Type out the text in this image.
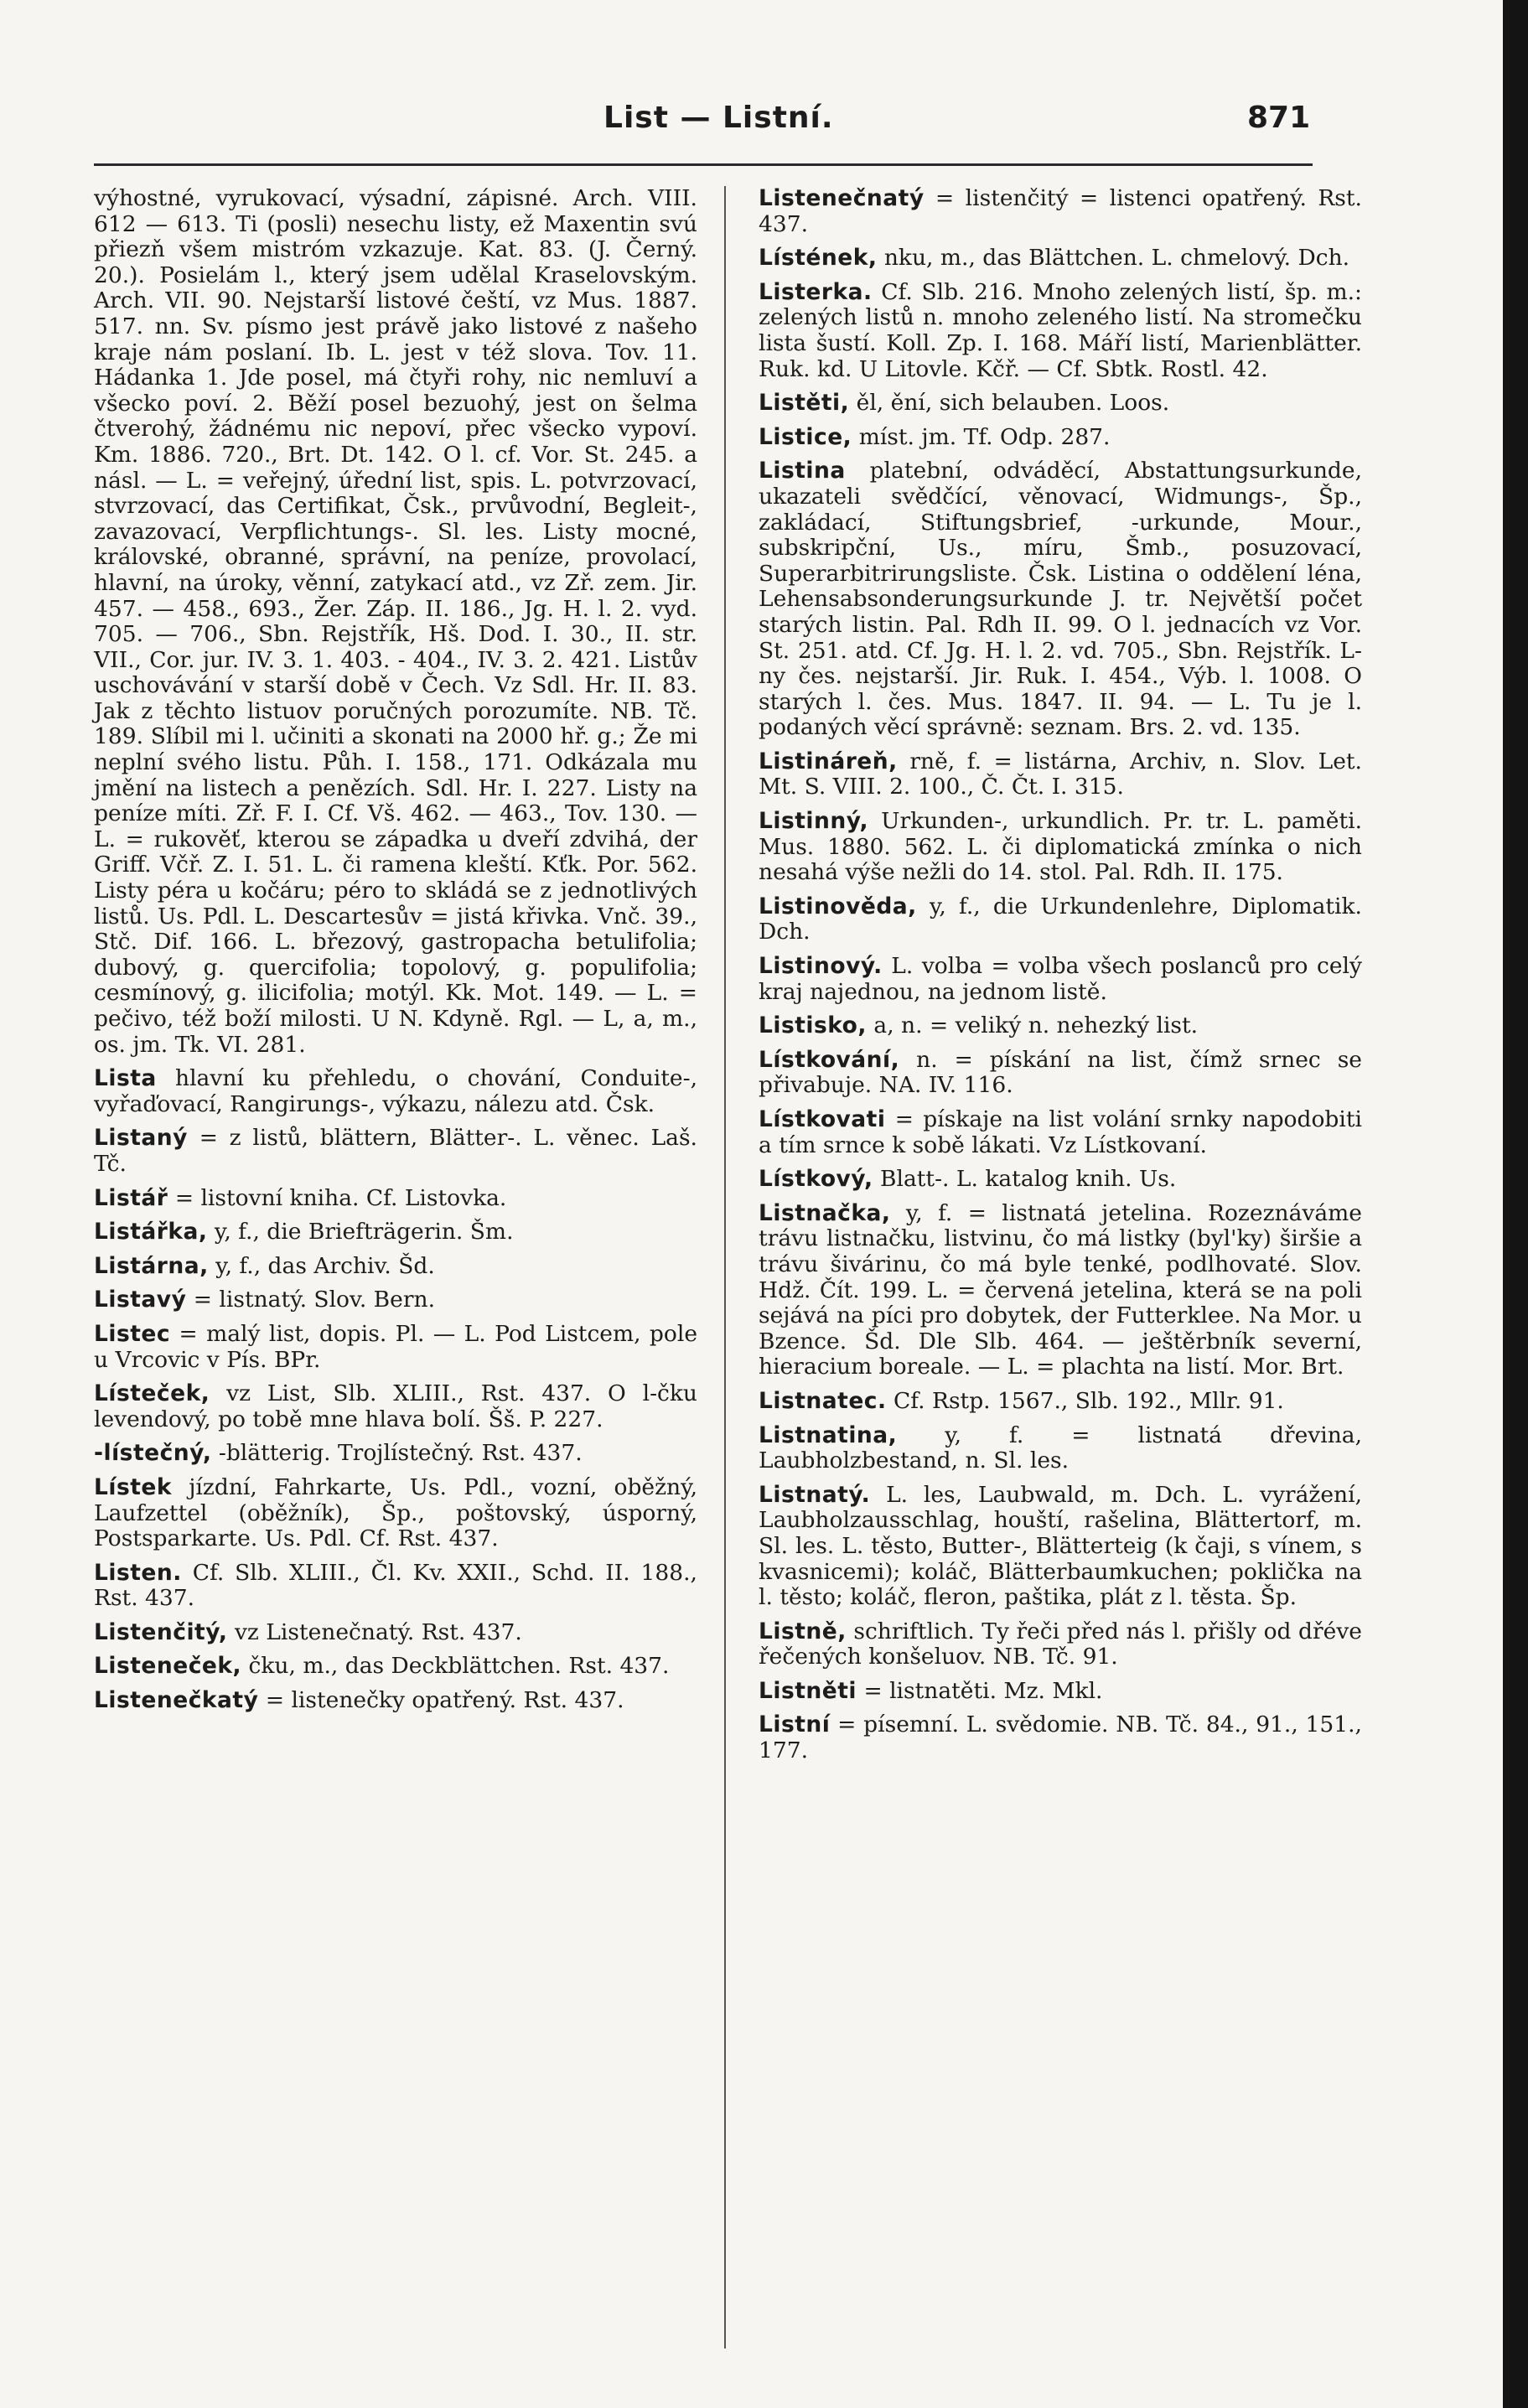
List — Listní.	871

výhostné, vyrukovací, výsadní, zápisné. Arch. VIII. 612 — 613. Ti (posli) nesechu listy, ež Maxentin svú přiezň všem mistróm vzkazuje. Kat. 83. (J. Černý. 20.). Posielám l., který jsem udělal Kraselovským. Arch. VII. 90. Nejstarší listové čeští, vz Mus. 1887. 517. nn. Sv. písmo jest právě jako listové z našeho kraje nám poslaní. Ib. L. jest v též slova. Tov. 11. Hádanka 1. Jde posel, má čtyři rohy, nic nemluví a všecko poví. 2. Běží posel bezuohý, jest on šelma čtverohý, žádnému nic nepoví, přec všecko vypoví. Km. 1886. 720., Brt. Dt. 142. O l. cf. Vor. St. 245. a násl. — L. = veřejný, úřední list, spis. L. potvrzovací, stvrzovací, das Certifikat, Čsk., prvůvodní, Begleit-, zavazovací, Verpflichtungs-. Sl. les. Listy mocné, královské, obranné, správní, na peníze, provolací, hlavní, na úroky, věnní, zatykací atd., vz Zř. zem. Jir. 457. — 458., 693., Žer. Záp. II. 186., Jg. H. l. 2. vyd. 705. — 706., Sbn. Rejstřík, Hš. Dod. I. 30., II. str. VII., Cor. jur. IV. 3. 1. 403. - 404., IV. 3. 2. 421. Listův uschovávání v starší době v Čech. Vz Sdl. Hr. II. 83. Jak z těchto listuov poručných porozumíte. NB. Tč. 189. Slíbil mi l. učiniti a skonati na 2000 hř. g.; Že mi neplní svého listu. Půh. I. 158., 171. Odkázala mu jmění na listech a penězích. Sdl. Hr. I. 227. Listy na peníze míti. Zř. F. I. Cf. Vš. 462. — 463., Tov. 130. — L. = rukověť, kterou se západka u dveří zdvihá, der Griff. Včř. Z. I. 51. L. či ramena kleští. Kťk. Por. 562. Listy péra u kočáru; péro to skládá se z jednotlivých listů. Us. Pdl. L. Descartesův = jistá křivka. Vnč. 39., Stč. Dif. 166. L. březový, gastropacha betulifolia; dubový, g. quercifolia; topolový, g. populifolia; cesmínový, g. ilicifolia; motýl. Kk. Mot. 149. — L. = pečivo, též boží milosti. U N. Kdyně. Rgl. — L, a, m., os. jm. Tk. VI. 281.

Lista hlavní ku přehledu, o chování, Conduite-, vyřaďovací, Rangirungs-, výkazu, nálezu atd. Čsk.

Listaný = z listů, blättern, Blätter-. L. věnec. Laš. Tč.

Listář = listovní kniha. Cf. Listovka.

Listářka, y, f., die Briefträgerin. Šm.

Listárna, y, f., das Archiv. Šd.

Listavý = listnatý. Slov. Bern.

Listec = malý list, dopis. Pl. — L. Pod Listcem, pole u Vrcovic v Pís. BPr.

Lísteček, vz List, Slb. XLIII., Rst. 437. O l-čku levendový, po tobě mne hlava bolí. Šš. P. 227.

-lístečný, -blätterig. Trojlístečný. Rst. 437.

Lístek jízdní, Fahrkarte, Us. Pdl., vozní, oběžný, Laufzettel (oběžník), Šp., poštovský, úsporný, Postsparkarte. Us. Pdl. Cf. Rst. 437.

Listen. Cf. Slb. XLIII., Čl. Kv. XXII., Schd. II. 188., Rst. 437.

Listenčitý, vz Listenečnatý. Rst. 437.

Listeneček, čku, m., das Deckblättchen. Rst. 437.

Listenečkatý = listenečky opatřený. Rst. 437.

Listenečnatý = listenčitý = listenci opatřený. Rst. 437.

Lístének, nku, m., das Blättchen. L. chmelový. Dch.

Listerka. Cf. Slb. 216. Mnoho zelených listí, šp. m.: zelených listů n. mnoho zeleného listí. Na stromečku lista šustí. Koll. Zp. I. 168. Máří listí, Marienblätter. Ruk. kd. U Litovle. Kčř. — Cf. Sbtk. Rostl. 42.

Listěti, ěl, ění, sich belauben. Loos.

Listice, míst. jm. Tf. Odp. 287.

Listina platební, odváděcí, Abstattungsurkunde, ukazateli svědčící, věnovací, Widmungs-, Šp., zakládací, Stiftungsbrief, -urkunde, Mour., subskripční, Us., míru, Šmb., posuzovací, Superarbitrirungsliste. Čsk. Listina o oddělení léna, Lehensabsonderungsurkunde J. tr. Největší počet starých listin. Pal. Rdh II. 99. O l. jednacích vz Vor. St. 251. atd. Cf. Jg. H. l. 2. vd. 705., Sbn. Rejstřík. L-ny čes. nejstarší. Jir. Ruk. I. 454., Výb. l. 1008. O starých l. čes. Mus. 1847. II. 94. — L. Tu je l. podaných věcí správně: seznam. Brs. 2. vd. 135.

Listinárеň, rně, f. = listárna, Archiv, n. Slov. Let. Mt. S. VIII. 2. 100., Č. Čt. I. 315.

Listinný, Urkunden-, urkundlich. Pr. tr. L. paměti. Mus. 1880. 562. L. či diplomatická zmínka o nich nesahá výše nežli do 14. stol. Pal. Rdh. II. 175.

Listinověda, y, f., die Urkundenlehre, Diplomatik. Dch.

Listinový. L. volba = volba všech poslanců pro celý kraj najednou, na jednom listě.

Listisko, a, n. = veliký n. nehezký list.

Lístkování, n. = pískání na list, čímž srnec se přivabuje. NA. IV. 116.

Lístkovati = pískaje na list volání srnky napodobiti a tím srnce k sobě lákati. Vz Lístkovaní.

Lístkový, Blatt-. L. katalog knih. Us.

Listnačka, y, f. = listnatá jetelina. Rozeznáváme trávu listnačku, listvinu, čo má listky (byl'ky) širšie a trávu šivárinu, čo má byle tenké, podlhovaté. Slov. Hdž. Čít. 199. L. = červená jetelina, která se na poli sejává na píci pro dobytek, der Futterklee. Na Mor. u Bzence. Šd. Dle Slb. 464. — ještěrbník severní, hieracium boreale. — L. = plachta na listí. Mor. Brt.

Listnatec. Cf. Rstp. 1567., Slb. 192., Mllr. 91.

Listnatina, y, f. = listnatá dřevina, Laubholzbestand, n. Sl. les.

Listnatý. L. les, Laubwald, m. Dch. L. vyrážení, Laubholzausschlag, houští, rašelina, Blättertorf, m. Sl. les. L. těsto, Butter-, Blätterteig (k čaji, s vínem, s kvasnicemi); koláč, Blätterbaumkuchen; poklička na l. těsto; koláč, fleron, paštika, plát z l. těsta. Šp.

Listně, schriftlich. Ty řeči před nás l. přišly od dřéve řečených konšeluov. NB. Tč. 91.

Listněti = listnatěti. Mz. Mkl.

Listní = písemní. L. svědomie. NB. Tč. 84., 91., 151., 177.
